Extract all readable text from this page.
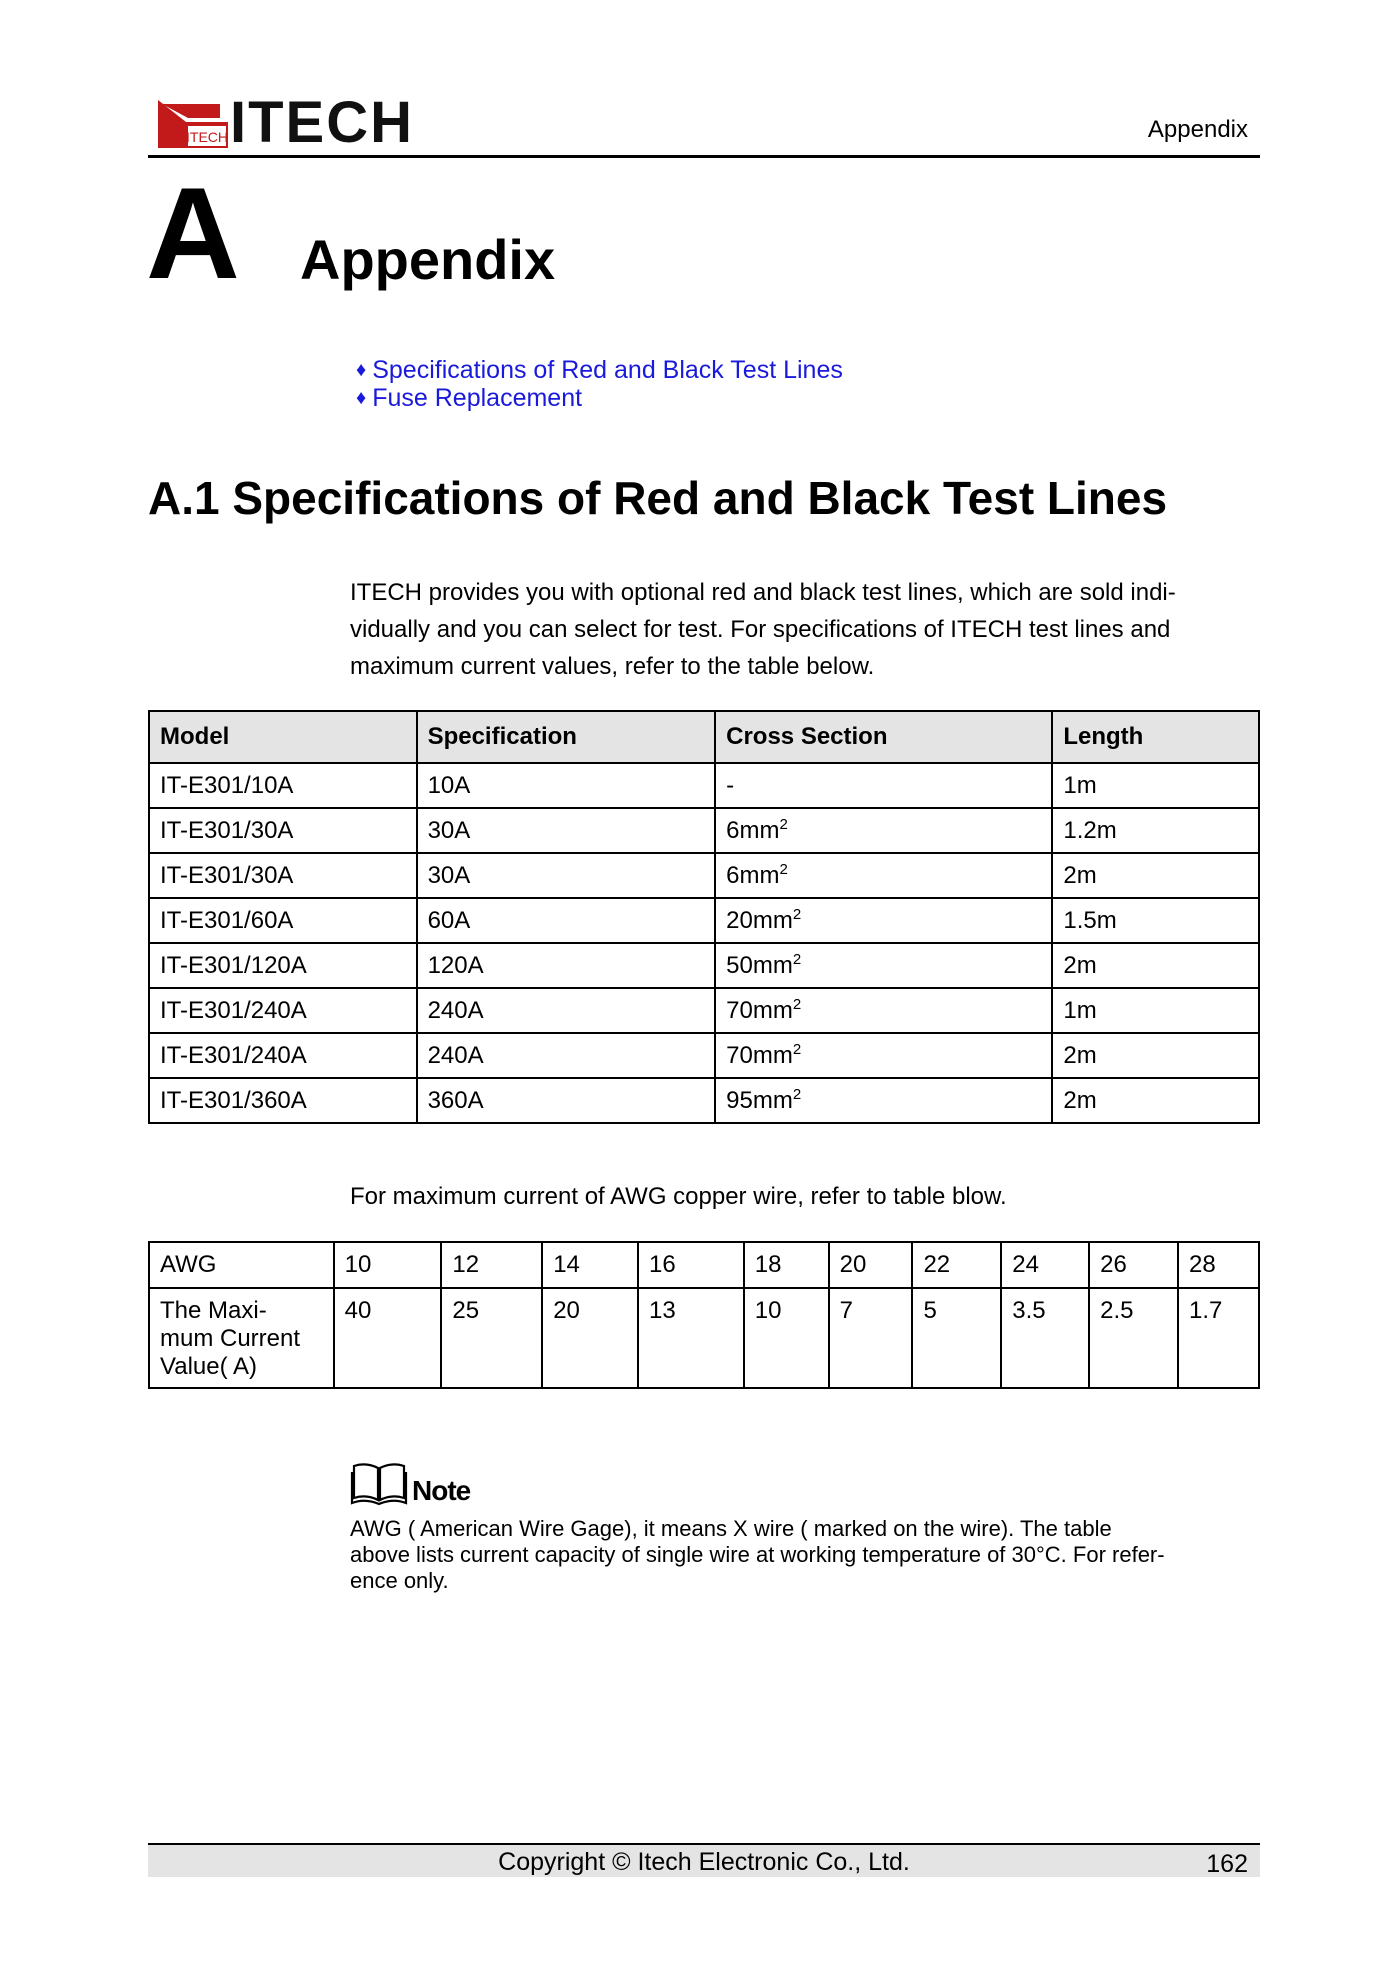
ITECH ITECH	Appendix
A Appendix
♦ Specifications of Red and Black Test Lines
♦ Fuse Replacement
A.1 Specifications of Red and Black Test Lines
ITECH provides you with optional red and black test lines, which are sold indi-
vidually and you can select for test. For specifications of ITECH test lines and
maximum current values, refer to the table below.
Model	Specification	Cross Section	Length
IT-E301/10A	10A	-	1m
IT-E301/30A	30A	$6mm^2$	1.2m
IT-E301/30A	30A	$6mm^2$	2m
IT-E301/60A	60A	$20mm^2$	1.5m
IT-E301/120A	120A	$50mm^2$	2m
IT-E301/240A	240A	$70mm^2$	1m
IT-E301/240A	240A	$70mm^2$	2m
IT-E301/360A	360A	$95mm^2$	2m
For maximum current of AWG copper wire, refer to table blow.
AWG	10	12	14	16	18	20	22	24	26	28

The Maxi-
mum Current
Value( A)	40	25	20	13	10	7	5	3.5	2.5	1.7
Note
AWG ( American Wire Gage), it means X wire ( marked on the wire). The table
above lists current capacity of single wire at working temperature of 30°C. For refer-
ence only.
Copyright © Itech Electronic Co., Ltd.	162
